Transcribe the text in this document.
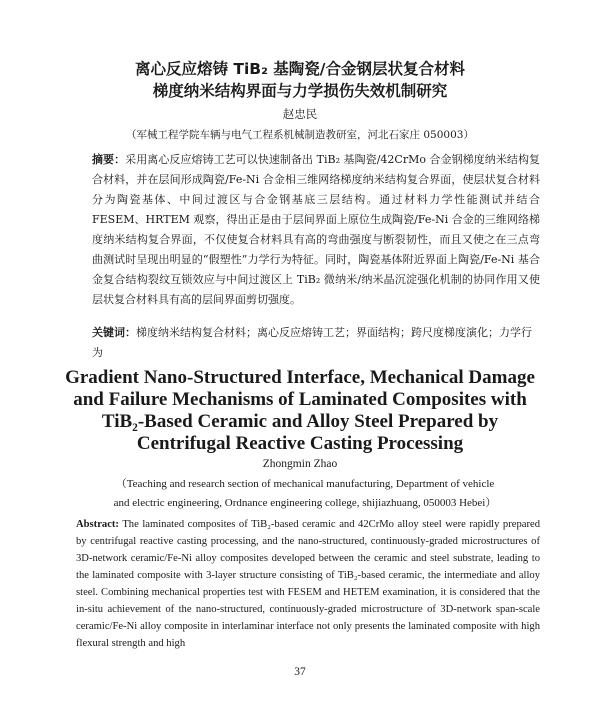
离心反应熔铸 TiB₂ 基陶瓷/合金钢层状复合材料

梯度纳米结构界面与力学损伤失效机制研究

赵忠民
（军械工程学院车辆与电气工程系机械制造教研室，河北石家庄 050003）

摘要：采用离心反应熔铸工艺可以快速制备出 TiB₂ 基陶瓷/42CrMo 合金钢梯度纳米结构复合材料，并在层间形成陶瓷/Fe-Ni 合金相三维网络梯度纳米结构复合界面，使层状复合材料分为陶瓷基体、中间过渡区与合金钢基底三层结构。通过材料力学性能测试并结合 FESEM、HRTEM 观察，得出正是由于层间界面上原位生成陶瓷/Fe-Ni 合金的三维网络梯度纳米结构复合界面，不仅使复合材料具有高的弯曲强度与断裂韧性，而且又使之在三点弯曲测试时呈现出明显的“假塑性”力学行为特征。同时，陶瓷基体附近界面上陶瓷/Fe-Ni 基合金复合结构裂纹互锁效应与中间过渡区上 TiB₂ 微纳米/纳米晶沉淀强化机制的协同作用又使层状复合材料具有高的层间界面剪切强度。

关键词：梯度纳米结构复合材料；离心反应熔铸工艺；界面结构；跨尺度梯度演化；力学行为

Gradient Nano-Structured Interface, Mechanical Damage

and Failure Mechanisms of Laminated Composites with

TiB₂-Based Ceramic and Alloy Steel Prepared by

Centrifugal Reactive Casting Processing

Zhongmin Zhao

（Teaching and research section of mechanical manufacturing, Department of vehicle and electric engineering, Ordnance engineering college, shijiazhuang, 050003 Hebei）

Abstract: The laminated composites of TiB₂-based ceramic and 42CrMo alloy steel were rapidly prepared by centrifugal reactive casting processing, and the nano-structured, continuously-graded microstructures of 3D-network ceramic/Fe-Ni alloy composites developed between the ceramic and steel substrate, leading to the laminated composite with 3-layer structure consisting of TiB₂-based ceramic, the intermediate and alloy steel. Combining mechanical properties test with FESEM and HETEM examination, it is considered that the in-situ achievement of the nano-structured, continuously-graded microstructure of 3D-network span-scale ceramic/Fe-Ni alloy composite in interlaminar interface not only presents the laminated composite with high flexural strength and high

37
